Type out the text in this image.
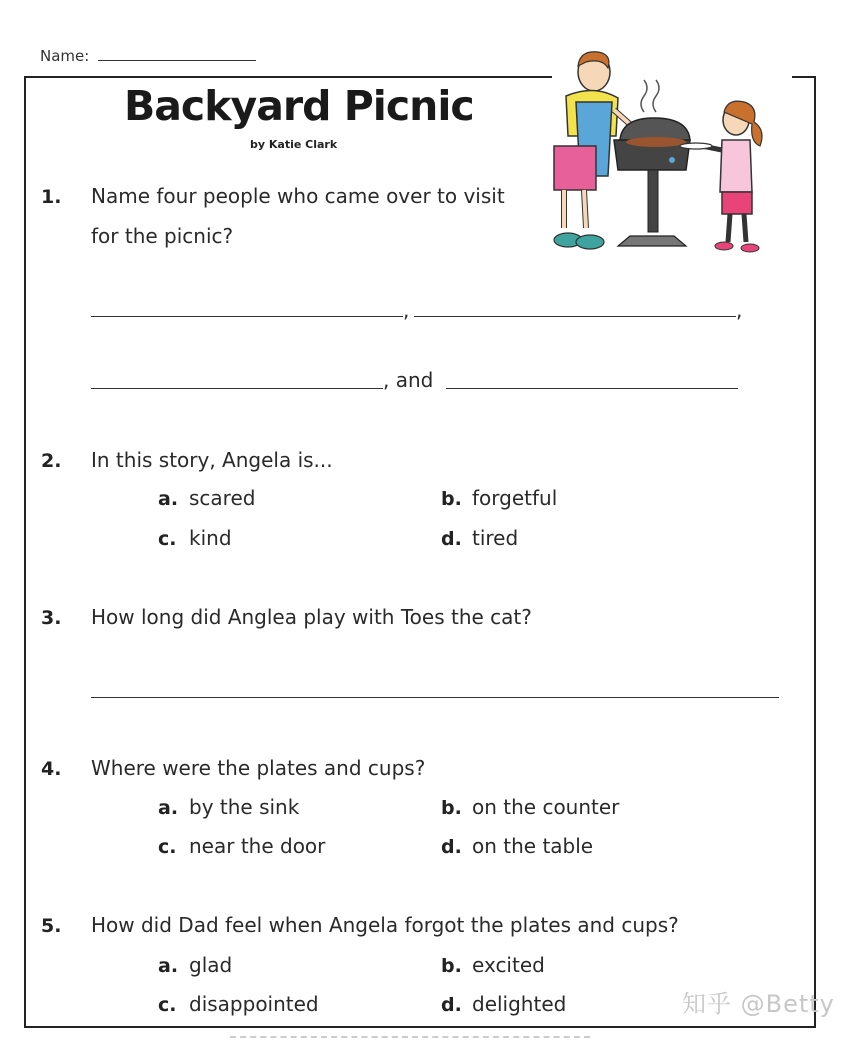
Name:
Backyard Picnic
by Katie Clark
1. Name four people who came over to visit
for the picnic?
,	,
, and
2. In this story, Angela is...
a. scared	b. forgetful
c. kind	d. tired
3. How long did Anglea play with Toes the cat?
4. Where were the plates and cups?
a. by the sink	b. on the counter
c. near the door	d. on the table
5. How did Dad feel when Angela forgot the plates and cups?
a. glad	b. excited
c. disappointed	d. delighted	知乎 @Betty
